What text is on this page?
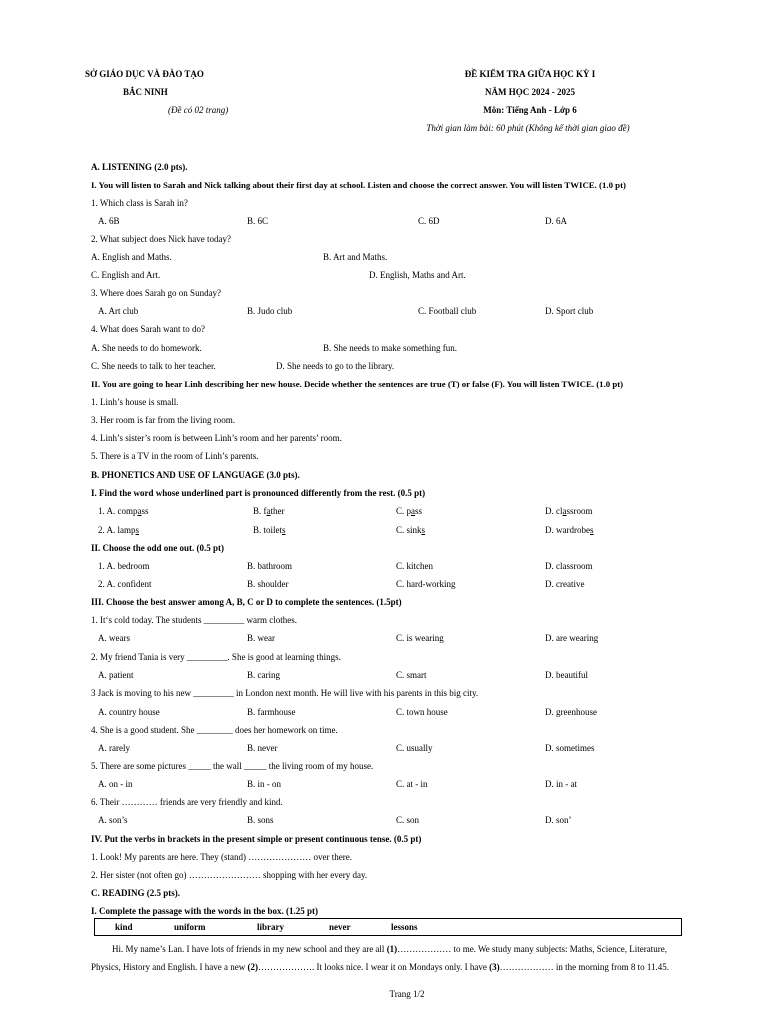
SỞ GIÁO DỤC VÀ ĐÀO TẠO
BẮC NINH
(Đề có 02 trang)
ĐỀ KIỂM TRA GIỮA HỌC KỲ I
NĂM HỌC 2024 - 2025
Môn: Tiếng Anh - Lớp 6
Thời gian làm bài: 60 phút (Không kể thời gian giao đề)
A. LISTENING (2.0 pts).
I. You will listen to Sarah and Nick talking about their first day at school. Listen and choose the correct answer. You will listen TWICE. (1.0 pt)
1. Which class is Sarah in?
A. 6B	B. 6C	C. 6D	D. 6A
2. What subject does Nick have today?
A. English and Maths.	B. Art and Maths.
C. English and Art.	D. English, Maths and Art.
3. Where does Sarah go on Sunday?
A. Art club	B. Judo club	C. Football club	D. Sport club
4. What does Sarah want to do?
A. She needs to do homework.	B. She needs to make something fun.
C. She needs to talk to her teacher.	D. She needs to go to the library.
II. You are going to hear Linh describing her new house. Decide whether the sentences are true (T) or false (F). You will listen TWICE. (1.0 pt)
1. Linh’s house is small.
3. Her room is far from the living room.
4. Linh’s sister’s room is between Linh’s room and her parents’ room.
5. There is a TV in the room of Linh’s parents.
B. PHONETICS AND USE OF LANGUAGE (3.0 pts).
I. Find the word whose underlined part is pronounced differently from the rest. (0.5 pt)
1. A. compass	B. father	C. pass	D. classroom
2. A. lamps	B. toilets	C. sinks	D. wardrobes
II. Choose the odd one out. (0.5 pt)
1. A. bedroom	B. bathroom	C. kitchen	D. classroom
2. A. confident	B. shoulder	C. hard-working	D. creative
III. Choose the best answer among A, B, C or D to complete the sentences. (1.5pt)
1. It‘s cold today. The students _________ warm clothes.
A. wears	B. wear	C. is wearing	D. are wearing
2. My friend Tania is very _________. She is good at learning things.
A. patient	B. caring	C. smart	D. beautiful
3 Jack is moving to his new _________ in London next month. He will live with his parents in this big city.
A. country house	B. farmhouse	C. town house	D. greenhouse
4. She is a good student. She ________ does her homework on time.
A. rarely	B. never	C. usually	D. sometimes
5. There are some pictures _____ the wall _____ the living room of my house.
A. on - in	B. in - on	C. at - in	D. in - at
6. Their ………… friends are very friendly and kind.
A. son’s	B. sons	C. son	D. son’
IV. Put the verbs in brackets in the present simple or present continuous tense. (0.5 pt)
1. Look! My parents are here. They (stand) ………………… over there.
2. Her sister (not often go) …………………… shopping with her every day.
C. READING (2.5 pts).
I. Complete the passage with the words in the box. (1.25 pt)
kind	uniform	library	never	lessons
Hi. My name’s Lan. I have lots of friends in my new school and they are all (1)……………… to me. We study many subjects: Maths, Science, Literature,
Physics, History and English. I have a new (2)………………. It looks nice. I wear it on Mondays only. I have (3)……………… in the morning from 8 to 11.45.
Trang 1/2
